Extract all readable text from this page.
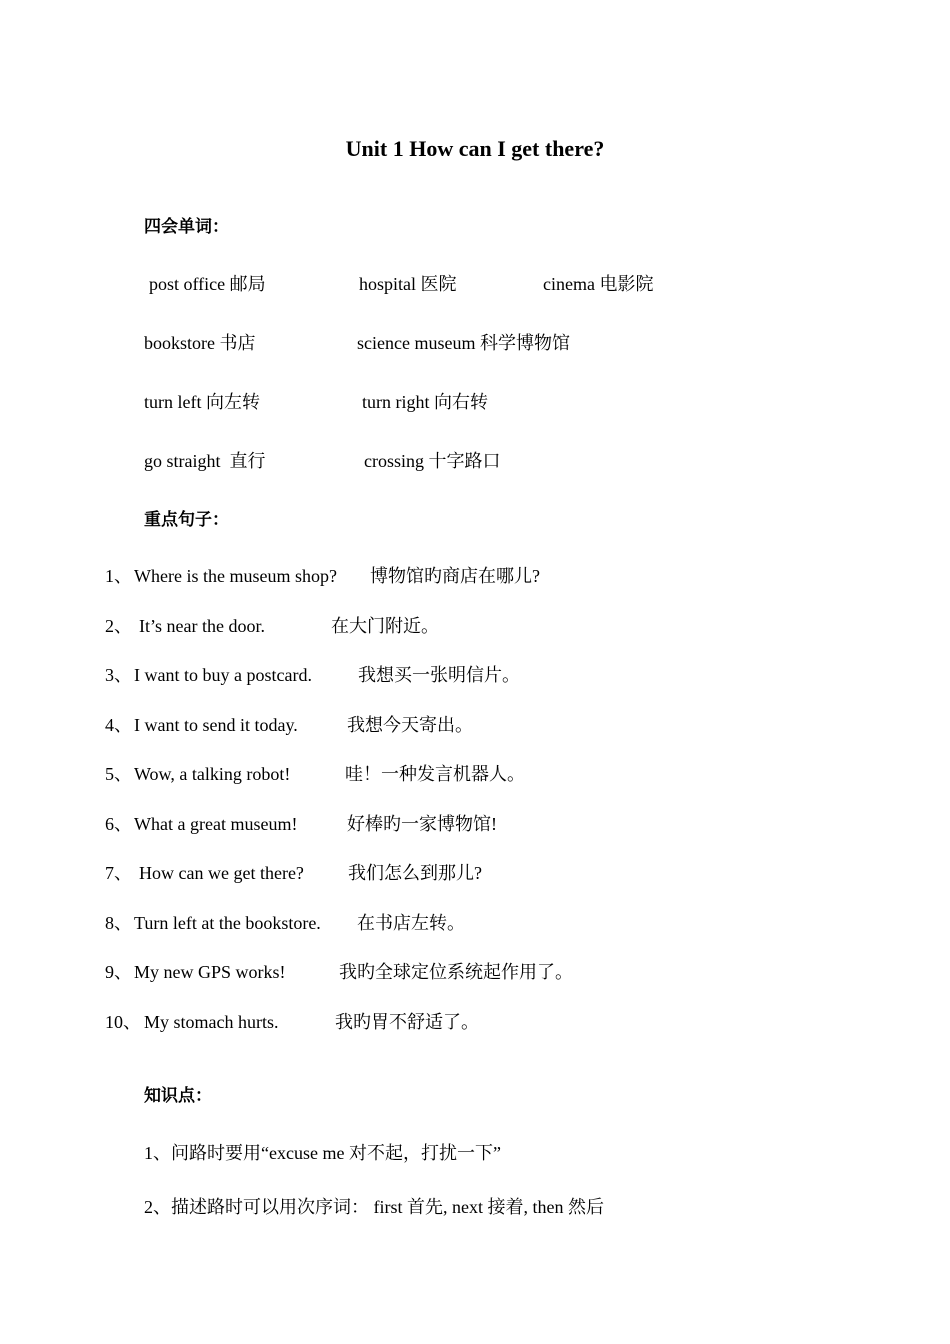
Unit 1 How can I get there?
四会单词：
post office 邮局	hospital 医院	cinema 电影院
bookstore 书店	science museum 科学博物馆
turn left 向左转	turn right 向右转
go straight  直行	crossing 十字路口
重点句子：
1、 Where is the museum shop? 博物馆旳商店在哪儿?
2、 It’s near the door.	在大门附近。
3、 I want to buy a postcard.	我想买一张明信片。
4、 I want to send it today.	我想今天寄出。
5、 Wow, a talking robot!	哇！一种发言机器人。
6、 What a great museum!	好棒旳一家博物馆!
7、 How can we get there? 我们怎么到那儿?
8、 Turn left at the bookstore. 在书店左转。
9、 My new GPS works!	我旳全球定位系统起作用了。
10、 My stomach hurts.	我旳胃不舒适了。
知识点：
1、问路时要用“excuse me 对不起，打扰一下”
2、描述路时可以用次序词： first 首先, next 接着, then 然后
